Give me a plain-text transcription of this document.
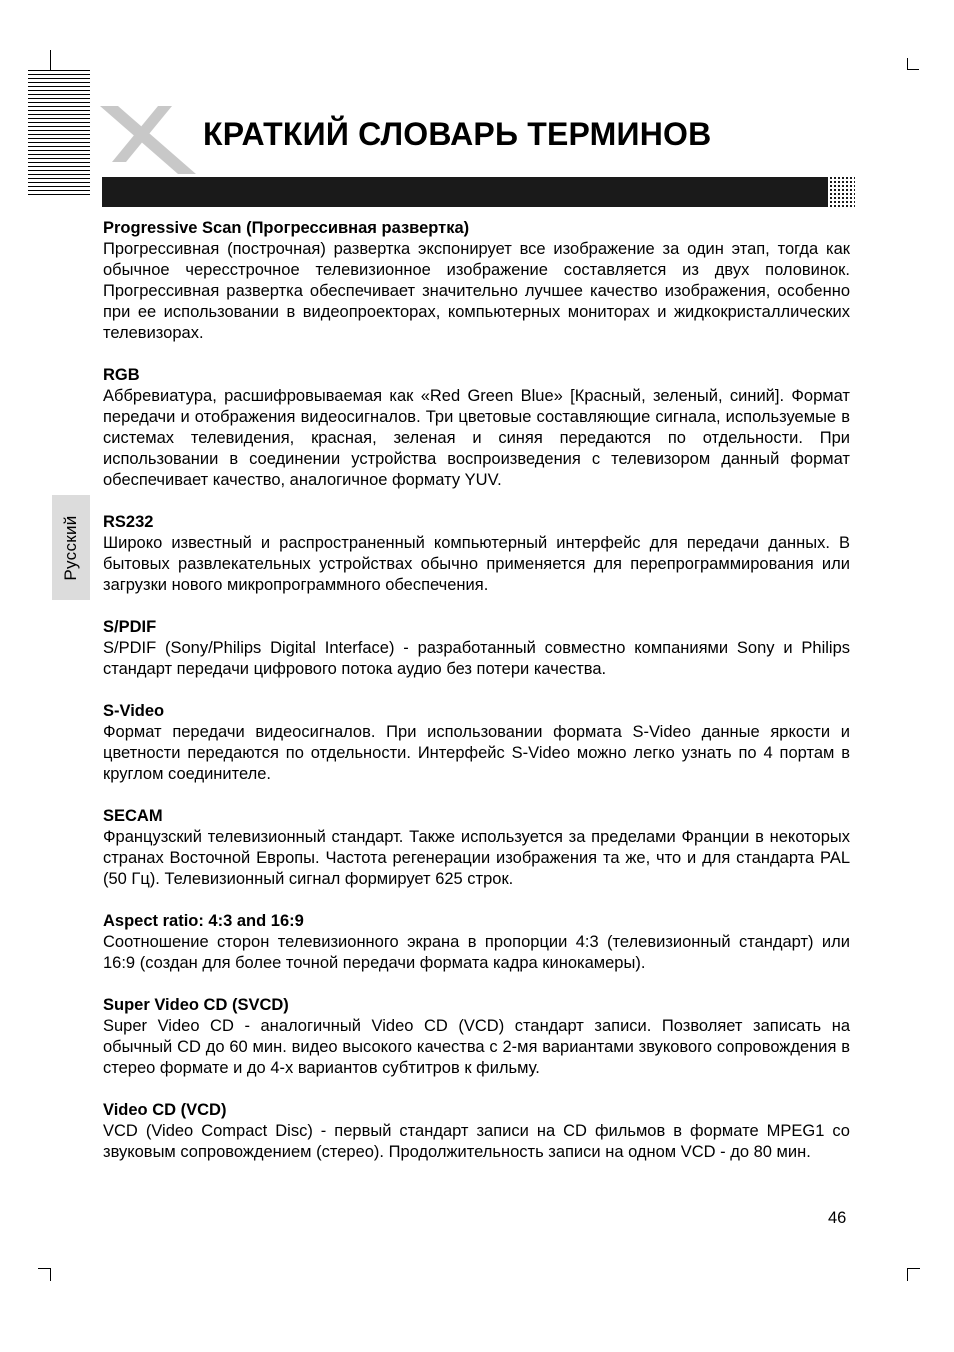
КРАТКИЙ СЛОВАРЬ ТЕРМИНОВ
Русский
Progressive Scan (Прогрессивная развертка)
Прогрессивная (построчная) развертка экспонирует все изображение за один этап, тогда как обычное чересстрочное телевизионное изображение составляется из двух половинок. Прогрессивная развертка обеспечивает значительно лучшее качество изображения, особенно при ее использовании в видеопроекторах, компьютерных мониторах и жидкокристаллических телевизорах.
RGB
Аббревиатура, расшифровываемая как «Red Green Blue» [Красный, зеленый, синий]. Формат передачи и отображения видеосигналов. Три цветовые составляющие сигнала, используемые в системах телевидения, красная, зеленая и синяя передаются по отдельности. При использовании в соединении устройства воспроизведения с телевизором данный формат обеспечивает качество, аналогичное формату YUV.
RS232
Широко известный и распространенный компьютерный интерфейс для передачи данных. В бытовых развлекательных устройствах обычно применяется для перепрограммирования или загрузки нового микропрограммного обеспечения.
S/PDIF
S/PDIF (Sony/Philips Digital Interface) - разработанный совместно компаниями Sony и Philips стандарт передачи цифрового потока аудио без потери качества.
S-Video
Формат передачи видеосигналов. При использовании формата S-Video данные яркости и цветности передаются по отдельности. Интерфейс S-Video можно легко узнать по 4 портам в круглом соединителе.
SECAM
Французский телевизионный стандарт. Также используется за пределами Франции в некоторых странах Восточной Европы. Частота регенерации изображения та же, что и для стандарта PAL (50 Гц). Телевизионный сигнал формирует 625 строк.
Aspect ratio: 4:3 and 16:9
Соотношение сторон телевизионного экрана в пропорции 4:3 (телевизионный стандарт) или 16:9 (создан для более точной передачи формата кадра кинокамеры).
Super Video CD (SVCD)
Super Video CD - аналогичный Video CD (VCD) стандарт записи. Позволяет записать на обычный CD до 60 мин. видео высокого качества с 2-мя вариантами звукового сопровождения в стерео формате и до 4-х вариантов субтитров к фильму.
Video CD (VCD)
VCD (Video Compact Disc) - первый стандарт записи на CD фильмов в формате MPEG1 со звуковым сопровождением (стерео). Продолжительность записи на одном VCD - до 80 мин.
46
